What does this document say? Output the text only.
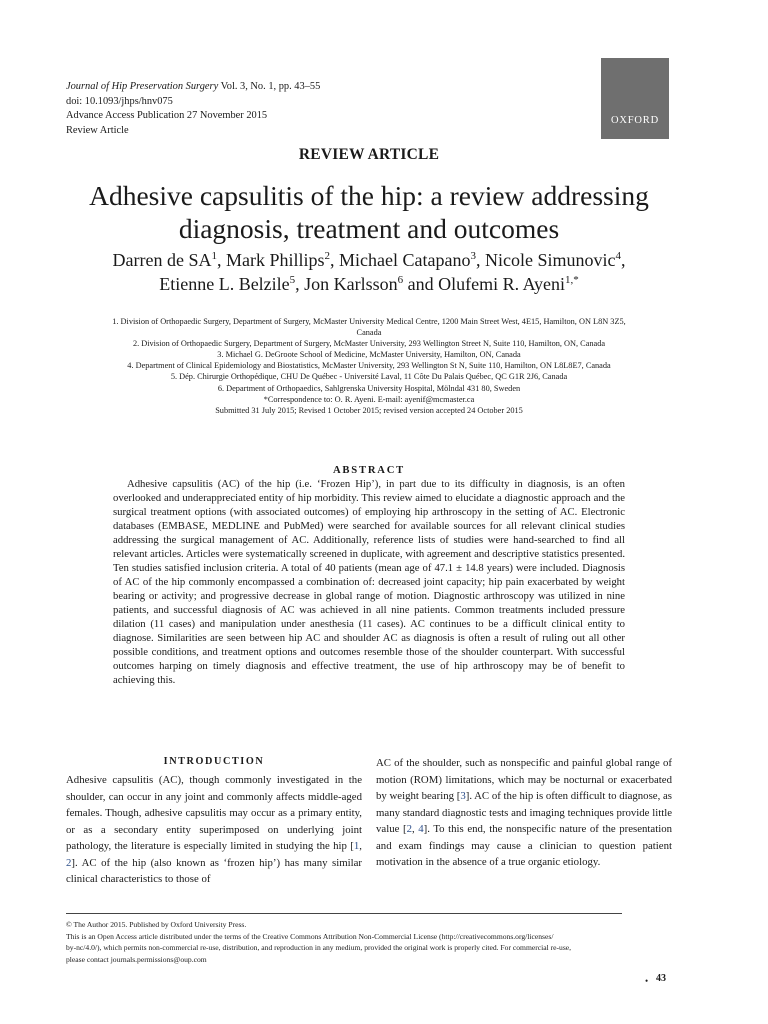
Journal of Hip Preservation Surgery Vol. 3, No. 1, pp. 43–55
doi: 10.1093/jhps/hnv075
Advance Access Publication 27 November 2015
Review Article
OXFORD
REVIEW ARTICLE
Adhesive capsulitis of the hip: a review addressing
diagnosis, treatment and outcomes
Darren de $SA^1$, Mark Phillips$^2$, Michael Catapano$^3$, Nicole Simunovic$^4$,
Etienne L. Belzile$^5$, Jon Karlsson$^6$ and Olufemi R. Ayeni$^{1,*}$
1. Division of Orthopaedic Surgery, Department of Surgery, McMaster University Medical Centre, 1200 Main Street West, 4E15, Hamilton, ON L8N 3Z5,
Canada
2. Division of Orthopaedic Surgery, Department of Surgery, McMaster University, 293 Wellington Street N, Suite 110, Hamilton, ON, Canada
3. Michael G. DeGroote School of Medicine, McMaster University, Hamilton, ON, Canada
4. Department of Clinical Epidemiology and Biostatistics, McMaster University, 293 Wellington St N, Suite 110, Hamilton, ON L8L8E7, Canada
5. Dép. Chirurgie Orthopédique, CHU De Québec - Université Laval, 11 Côte Du Palais Québec, QC G1R 2J6, Canada
6. Department of Orthopaedics, Sahlgrenska University Hospital, Mölndal 431 80, Sweden
*Correspondence to: O. R. Ayeni. E-mail: ayenif@mcmaster.ca
Submitted 31 July 2015; Revised 1 October 2015; revised version accepted 24 October 2015
ABSTRACT
Adhesive capsulitis (AC) of the hip (i.e. ‘Frozen Hip’), in part due to its difficulty in diagnosis, is an often overlooked and underappreciated entity of hip morbidity. This review aimed to elucidate a diagnostic approach and the surgical treatment options (with associated outcomes) of employing hip arthroscopy in the setting of AC. Electronic databases (EMBASE, MEDLINE and PubMed) were searched for available sources for all relevant clinical studies addressing the surgical management of AC. Additionally, reference lists of studies were hand-searched to find all relevant articles. Articles were systematically screened in duplicate, with agreement and descriptive statistics presented. Ten studies satisfied inclusion criteria. A total of 40 patients (mean age of 47.1 ± 14.8 years) were included. Diagnosis of AC of the hip commonly encompassed a combination of: decreased joint capacity; hip pain exacerbated by weight bearing or activity; and progressive decrease in global range of motion. Diagnostic arthroscopy was utilized in nine patients, and successful diagnosis of AC was achieved in all nine patients. Common treatments included pressure dilation (11 cases) and manipulation under anesthesia (11 cases). AC continues to be a difficult clinical entity to diagnose. Similarities are seen between hip AC and shoulder AC as diagnosis is often a result of ruling out all other possible conditions, and treatment options and outcomes resemble those of the shoulder counterpart. With successful outcomes harping on timely diagnosis and effective treatment, the use of hip arthroscopy may be of benefit to achieving this.
INTRODUCTION
Adhesive capsulitis (AC), though commonly investigated in the shoulder, can occur in any joint and commonly affects middle-aged females. Though, adhesive capsulitis may occur as a primary entity, or as a secondary entity superimposed on underlying joint pathology, the literature is especially limited in studying the hip [1, 2]. AC of the hip (also known as ‘frozen hip’) has many similar clinical characteristics to those of
AC of the shoulder, such as nonspecific and painful global range of motion (ROM) limitations, which may be nocturnal or exacerbated by weight bearing [3]. AC of the hip is often difficult to diagnose, as many standard diagnostic tests and imaging techniques provide little value [2, 4]. To this end, the nonspecific nature of the presentation and exam findings may cause a clinician to question patient motivation in the absence of a true organic etiology.
© The Author 2015. Published by Oxford University Press.
This is an Open Access article distributed under the terms of the Creative Commons Attribution Non-Commercial License (http://creativecommons.org/licenses/
by-nc/4.0/), which permits non-commercial re-use, distribution, and reproduction in any medium, provided the original work is properly cited. For commercial re-use,
please contact journals.permissions@oup.com
• 43
